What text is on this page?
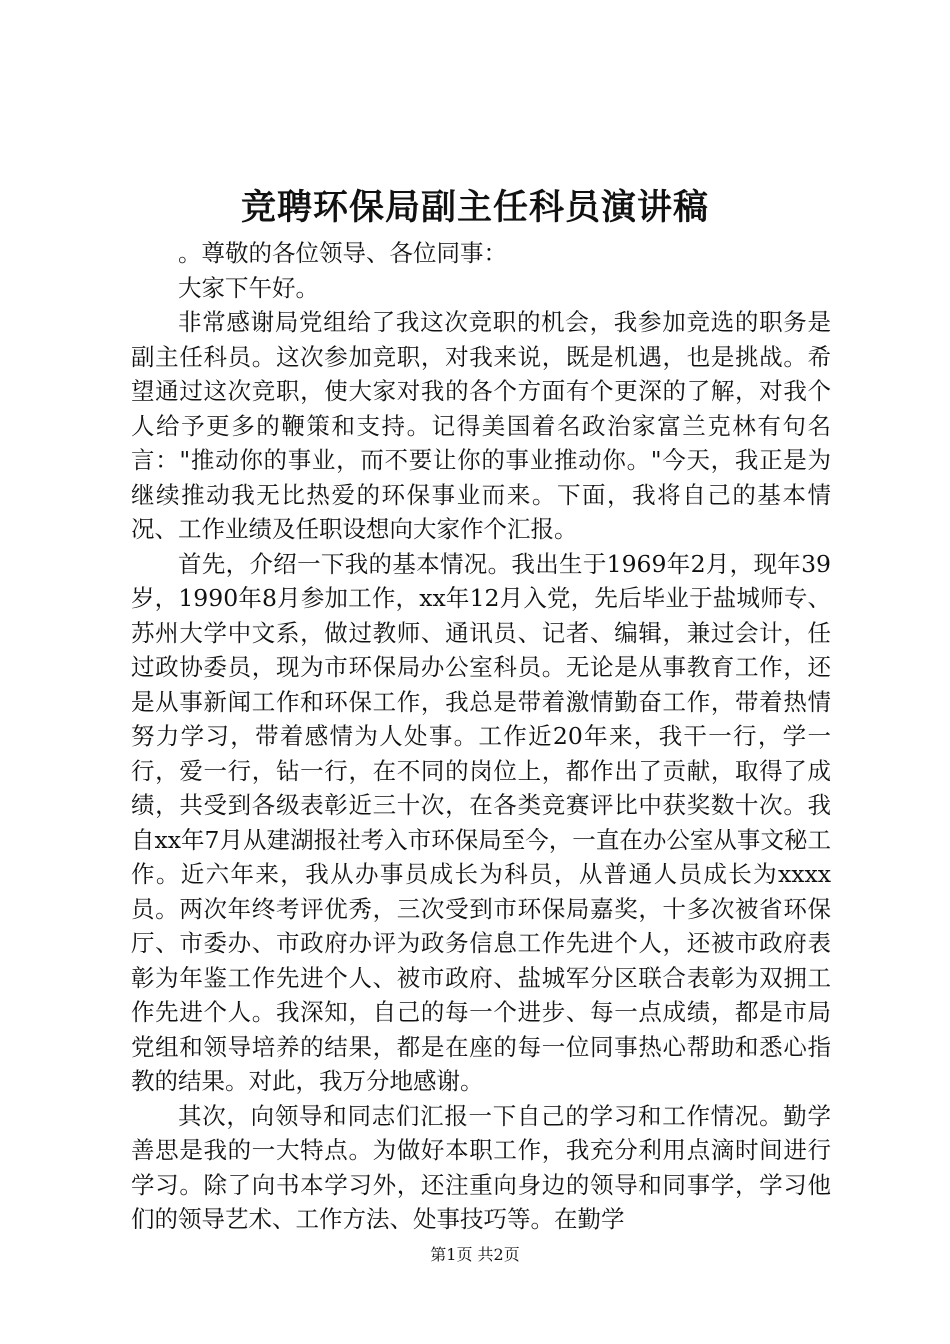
竞聘环保局副主任科员演讲稿

。尊敬的各位领导、各位同事：

大家下午好。

非常感谢局党组给了我这次竞职的机会，我参加竞选的职务是副主任科员。这次参加竞职，对我来说，既是机遇，也是挑战。希望通过这次竞职，使大家对我的各个方面有个更深的了解，对我个人给予更多的鞭策和支持。记得美国着名政治家富兰克林有句名言："推动你的事业，而不要让你的事业推动你。"今天，我正是为继续推动我无比热爱的环保事业而来。下面，我将自己的基本情况、工作业绩及任职设想向大家作个汇报。

首先，介绍一下我的基本情况。我出生于1969年2月，现年39岁，1990年8月参加工作，xx年12月入党，先后毕业于盐城师专、苏州大学中文系，做过教师、通讯员、记者、编辑，兼过会计，任过政协委员，现为市环保局办公室科员。无论是从事教育工作，还是从事新闻工作和环保工作，我总是带着激情勤奋工作，带着热情努力学习，带着感情为人处事。工作近20年来，我干一行，学一行，爱一行，钻一行，在不同的岗位上，都作出了贡献，取得了成绩，共受到各级表彰近三十次，在各类竞赛评比中获奖数十次。我自xx年7月从建湖报社考入市环保局至今，一直在办公室从事文秘工作。近六年来，我从办事员成长为科员，从普通人员成长为xxxx员。两次年终考评优秀，三次受到市环保局嘉奖，十多次被省环保厅、市委办、市政府办评为政务信息工作先进个人，还被市政府表彰为年鉴工作先进个人、被市政府、盐城军分区联合表彰为双拥工作先进个人。我深知，自己的每一个进步、每一点成绩，都是市局党组和领导培养的结果，都是在座的每一位同事热心帮助和悉心指教的结果。对此，我万分地感谢。

其次，向领导和同志们汇报一下自己的学习和工作情况。勤学善思是我的一大特点。为做好本职工作，我充分利用点滴时间进行学习。除了向书本学习外，还注重向身边的领导和同事学，学习他们的领导艺术、工作方法、处事技巧等。在勤学

第1页 共2页
